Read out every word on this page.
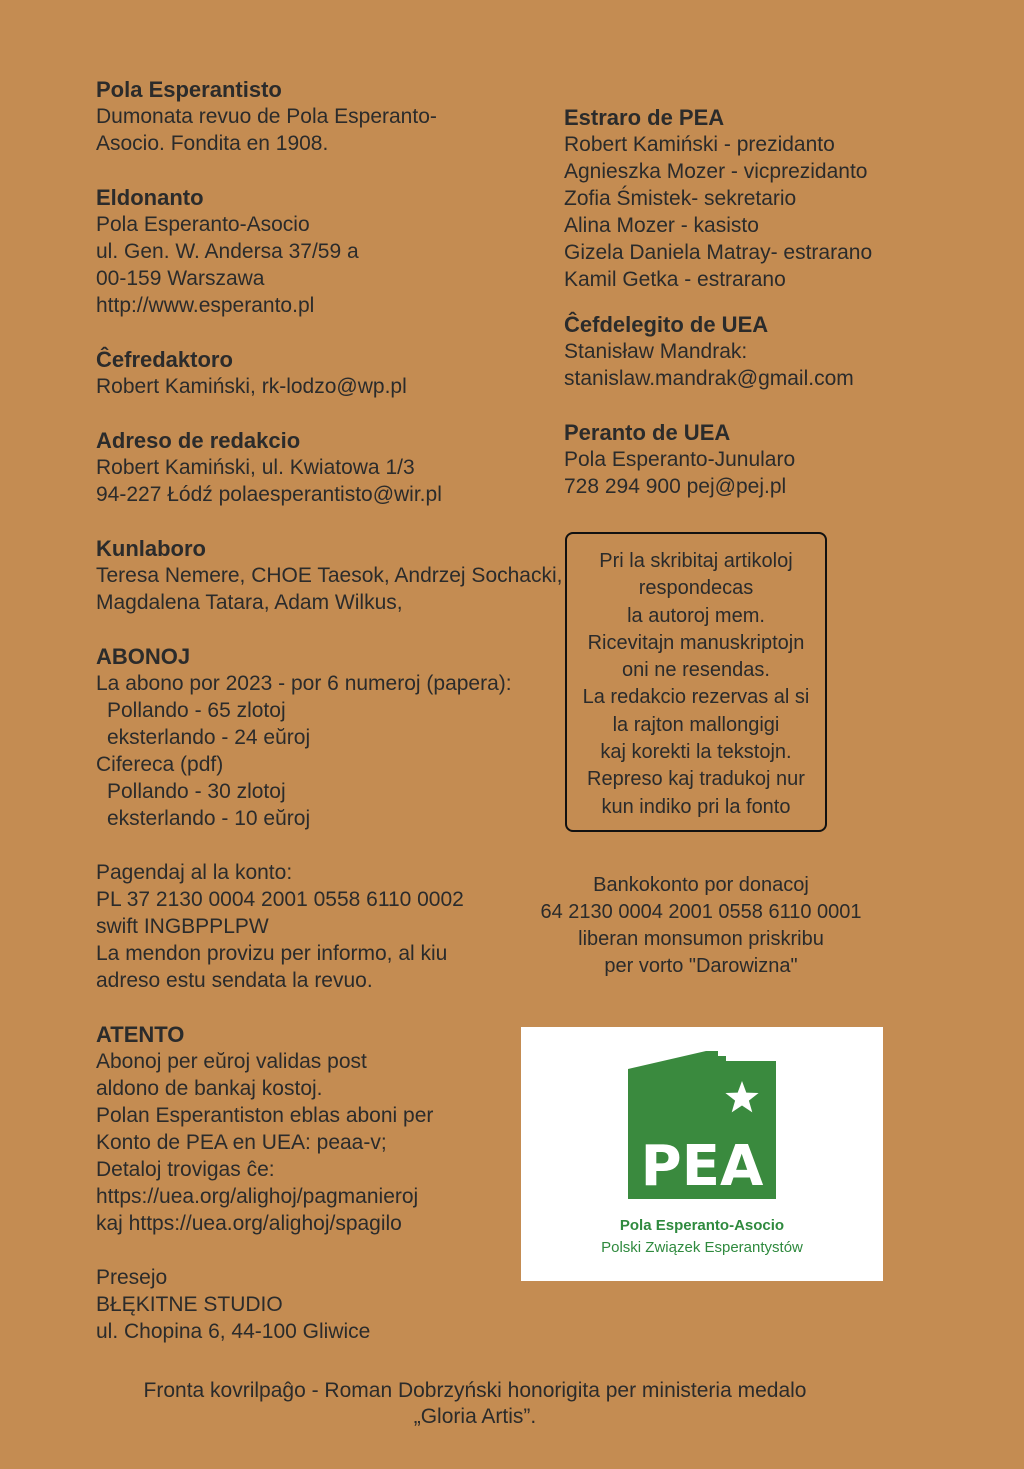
Pola Esperantisto

Dumonata revuo de Pola Esperanto-

Asocio. Fondita en 1908.

Eldonanto

Pola Esperanto-Asocio

ul. Gen. W. Andersa 37/59 a

00-159 Warszawa

http://www.esperanto.pl

Ĉefredaktoro

Robert Kamiński, rk-lodzo@wp.pl

Adreso de redakcio

Robert Kamiński, ul. Kwiatowa 1/3

94-227 Łódź polaesperantisto@wir.pl

Kunlaboro

Teresa Nemere, CHOE Taesok, Andrzej Sochacki,

Magdalena Tatara, Adam Wilkus,

ABONOJ

La abono por 2023 - por 6 numeroj (papera):

Pollando - 65 zlotoj

eksterlando - 24 eŭroj

Cifereca (pdf)

Pollando - 30 zlotoj

eksterlando - 10 eŭroj

Pagendaj al la konto:

PL 37 2130 0004 2001 0558 6110 0002

swift INGBPPLPW

La mendon provizu per informo, al kiu

adreso estu sendata la revuo.

ATENTO

Abonoj per eŭroj validas post

aldono de bankaj kostoj.

Polan Esperantiston eblas aboni per

Konto de PEA en UEA: peaa-v;

Detaloj trovigas ĉe:

https://uea.org/alighoj/pagmanieroj

kaj https://uea.org/alighoj/spagilo

Presejo

BŁĘKITNE STUDIO

ul. Chopina 6, 44-100 Gliwice

Estraro de PEA

Robert Kamiński - prezidanto

Agnieszka Mozer - vicprezidanto

Zofia Śmistek- sekretario

Alina Mozer - kasisto

Gizela Daniela Matray- estrarano

Kamil Getka - estrarano

Ĉefdelegito de UEA

Stanisław Mandrak:

stanislaw.mandrak@gmail.com

Peranto de UEA

Pola Esperanto-Junularo

728 294 900 pej@pej.pl

Pri la skribitaj artikoloj

respondecas

la autoroj mem.

Ricevitajn manuskriptojn

oni ne resendas.

La redakcio rezervas al si

la rajton mallongigi

kaj korekti la tekstojn.

Represo kaj tradukoj nur

kun indiko pri la fonto

Bankokonto por donacoj

64 2130 0004 2001 0558 6110 0001

liberan monsumon priskribu

per vorto "Darowizna"

PEA
Pola Esperanto-Asocio
Polski Związek Esperantystów
Fronta kovrilpaĝo - Roman Dobrzyński honorigita per ministeria medalo
„Gloria Artis”.
